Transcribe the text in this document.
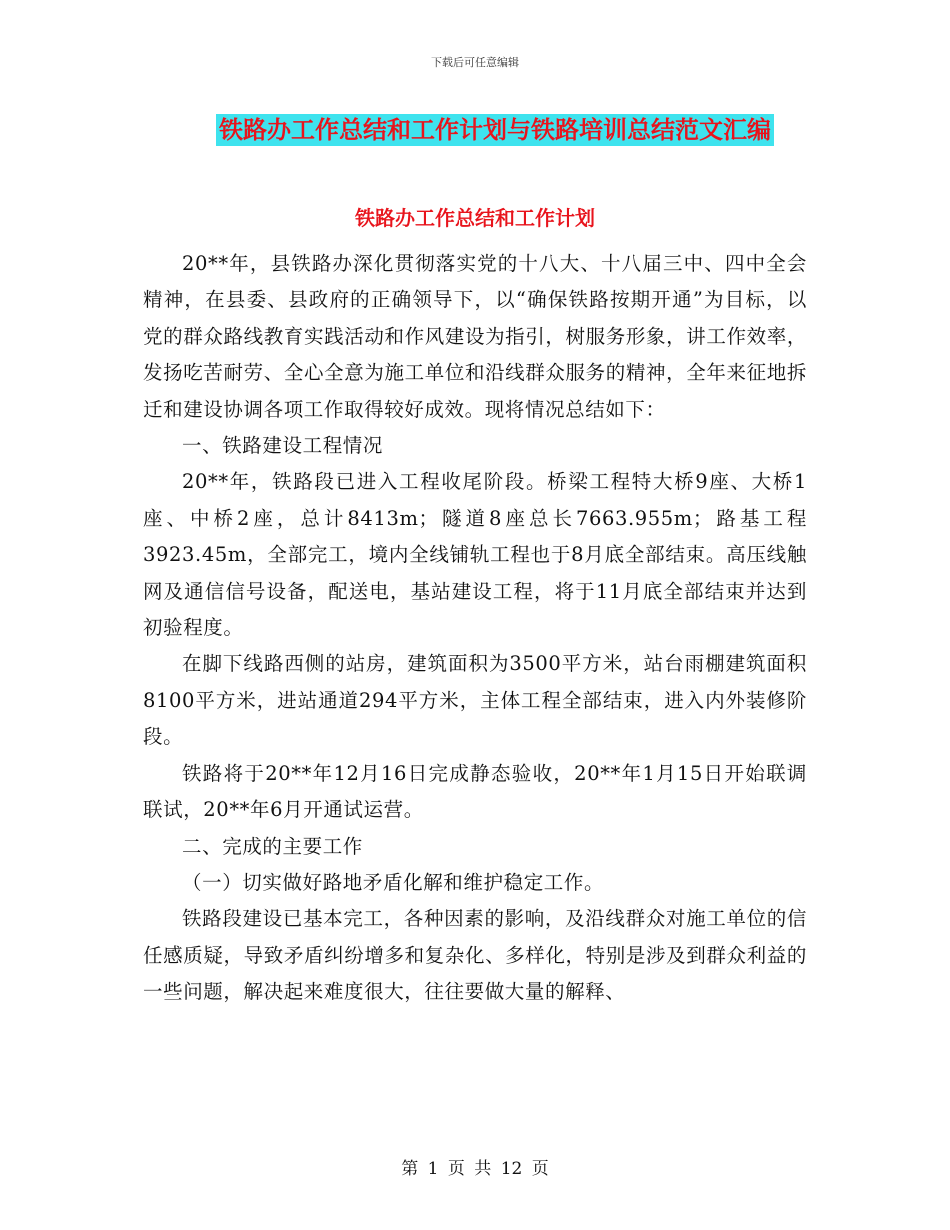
下载后可任意编辑
铁路办工作总结和工作计划与铁路培训总结范文汇编
铁路办工作总结和工作计划

20**年，县铁路办深化贯彻落实党的十八大、十八届三中、四中全会精神，在县委、县政府的正确领导下，以“确保铁路按期开通”为目标，以党的群众路线教育实践活动和作风建设为指引，树服务形象，讲工作效率，发扬吃苦耐劳、全心全意为施工单位和沿线群众服务的精神，全年来征地拆迁和建设协调各项工作取得较好成效。现将情况总结如下：

一、铁路建设工程情况

20**年，铁路段已进入工程收尾阶段。桥梁工程特大桥9座、大桥1座、中桥2座，总计8413m；隧道8座总长7663.955m；路基工程3923.45m，全部完工，境内全线铺轨工程也于8月底全部结束。高压线触网及通信信号设备，配送电，基站建设工程，将于11月底全部结束并达到初验程度。

在脚下线路西侧的站房，建筑面积为3500平方米，站台雨棚建筑面积8100平方米，进站通道294平方米，主体工程全部结束，进入内外装修阶段。

铁路将于20**年12月16日完成静态验收，20**年1月15日开始联调联试，20**年6月开通试运营。

二、完成的主要工作

（一）切实做好路地矛盾化解和维护稳定工作。

铁路段建设已基本完工，各种因素的影响，及沿线群众对施工单位的信任感质疑，导致矛盾纠纷增多和复杂化、多样化，特别是涉及到群众利益的一些问题，解决起来难度很大，往往要做大量的解释、

第 1 页 共 12 页
